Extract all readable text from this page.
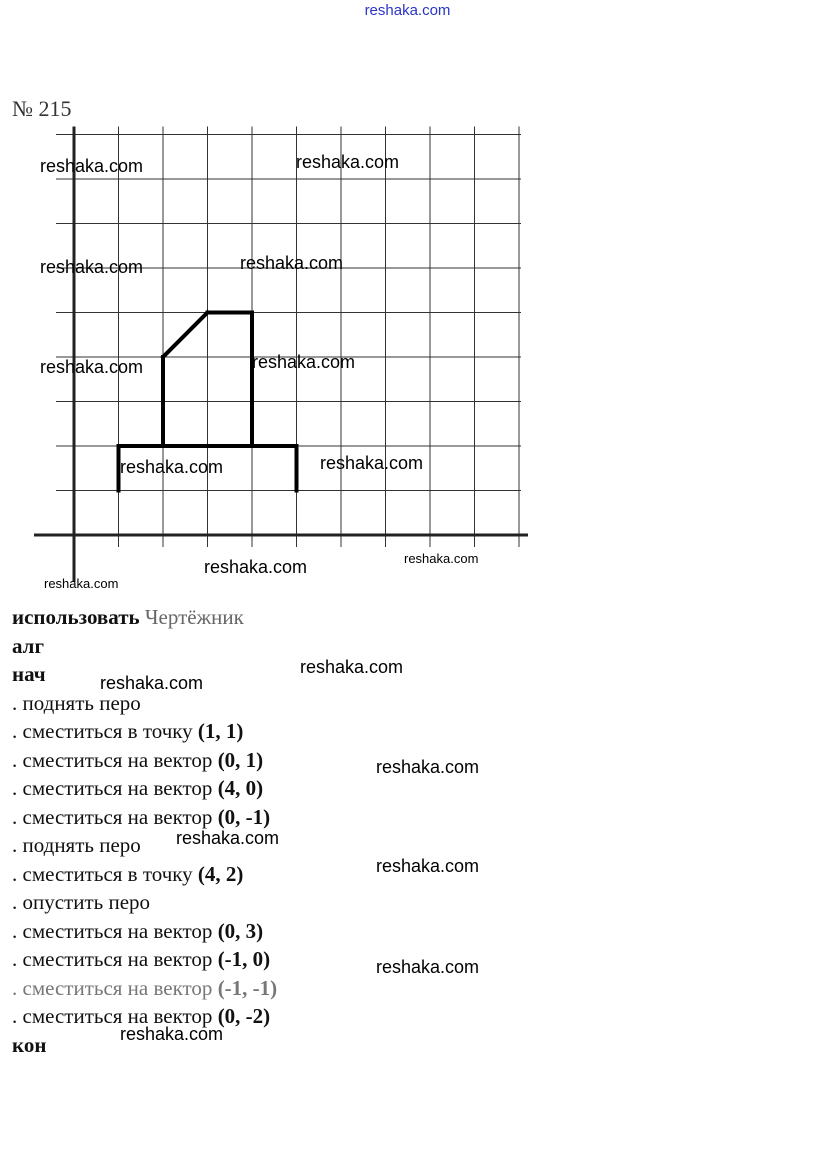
reshaka.com
№ 215
reshaka.com	reshaka.com
reshaka.com	reshaka.com
reshaka.com	reshaka.com
reshaka.com	reshaka.com
reshaka.com	reshaka.com
reshaka.com
reshaka.com
reshaka.com
reshaka.com
reshaka.com
reshaka.com
reshaka.com
reshaka.com
использовать Чертёжник
алг
нач
. поднять перо
. сместиться в точку (1, 1)
. сместиться на вектор (0, 1)
. сместиться на вектор (4, 0)
. сместиться на вектор (0, -1)
. поднять перо
. сместиться в точку (4, 2)
. опустить перо
. сместиться на вектор (0, 3)
. сместиться на вектор (-1, 0)
. сместиться на вектор (-1, -1)
. сместиться на вектор (0, -2)
кон
